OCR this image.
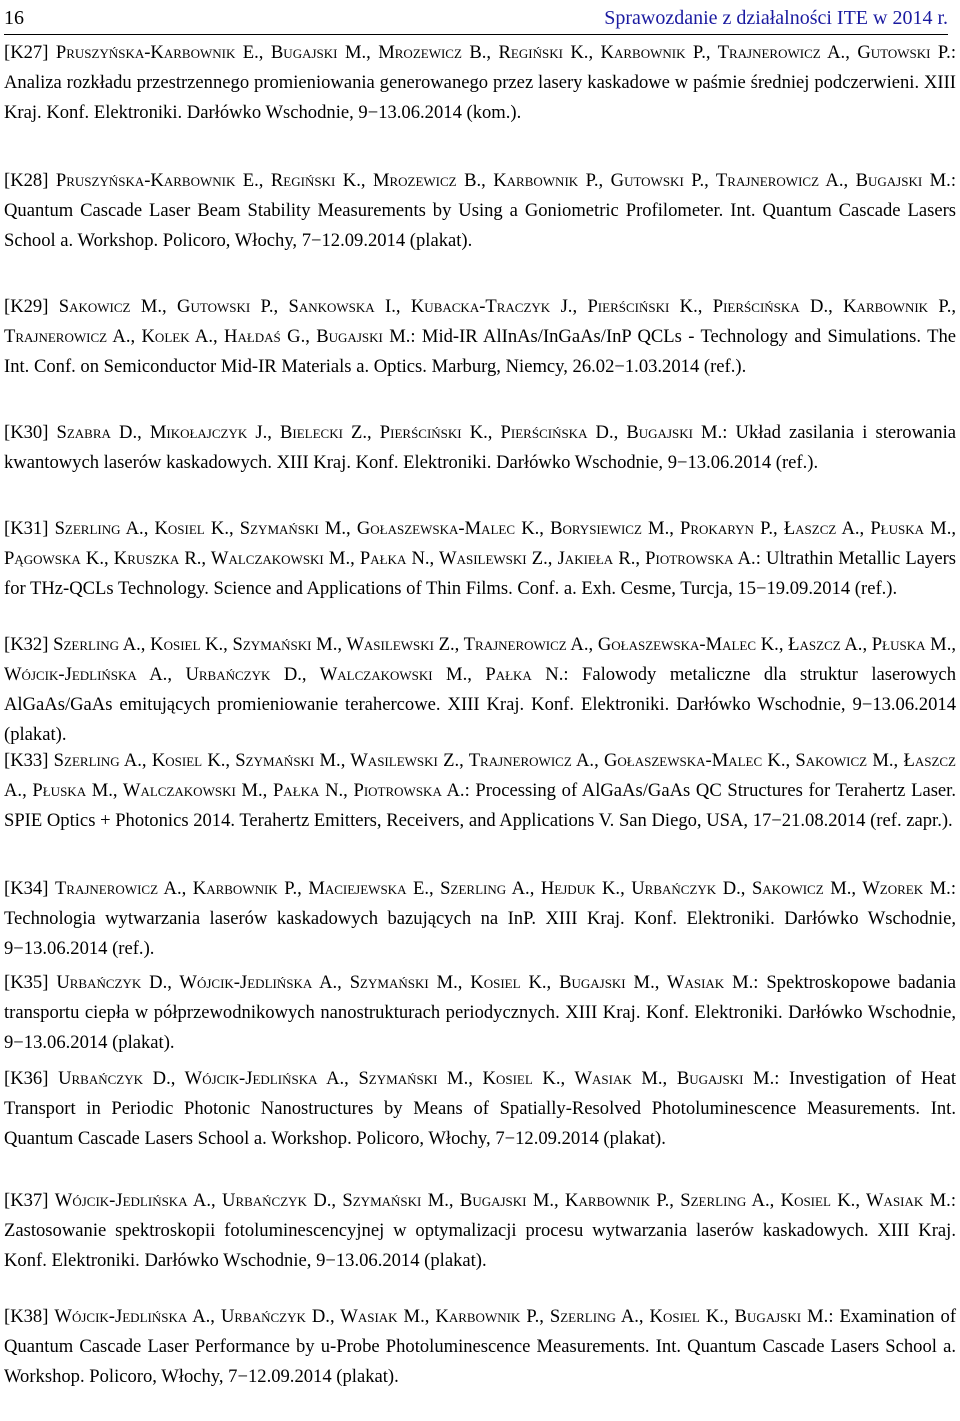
16	Sprawozdanie z działalności ITE w 2014 r.
[K27] Pruszyńska-Karbownik E., Bugajski M., Mrozewicz B., Regiński K., Karbownik P., Trajnerowicz A., Gutowski P.: Analiza rozkładu przestrzennego promieniowania generowanego przez lasery kaskadowe w paśmie średniej podczerwieni. XIII Kraj. Konf. Elektroniki. Darłówko Wschodnie, 9−13.06.2014 (kom.).
[K28] Pruszyńska-Karbownik E., Regiński K., Mrozewicz B., Karbownik P., Gutowski P., Trajnerowicz A., Bugajski M.: Quantum Cascade Laser Beam Stability Measurements by Using a Goniometric Profilometer. Int. Quantum Cascade Lasers School a. Workshop. Policoro, Włochy, 7−12.09.2014 (plakat).
[K29] Sakowicz M., Gutowski P., Sankowska I., Kubacka-Traczyk J., Pierściński K., Pierścińska D., Karbownik P., Trajnerowicz A., Kolek A., Hałdaś G., Bugajski M.: Mid-IR AlInAs/InGaAs/InP QCLs - Technology and Simulations. The Int. Conf. on Semiconductor Mid-IR Materials a. Optics. Marburg, Niemcy, 26.02−1.03.2014 (ref.).
[K30] Szabra D., Mikołajczyk J., Bielecki Z., Pierściński K., Pierścińska D., Bugajski M.: Układ zasilania i sterowania kwantowych laserów kaskadowych. XIII Kraj. Konf. Elektroniki. Darłówko Wschodnie, 9−13.06.2014 (ref.).
[K31] Szerling A., Kosiel K., Szymański M., Gołaszewska-Malec K., Borysiewicz M., Prokaryn P., Łaszcz A., Płuska M., Pągowska K., Kruszka R., Walczakowski M., Pałka N., Wasilewski Z., Jakieła R., Piotrowska A.: Ultrathin Metallic Layers for THz-QCLs Technology. Science and Applications of Thin Films. Conf. a. Exh. Cesme, Turcja, 15−19.09.2014 (ref.).
[K32] Szerling A., Kosiel K., Szymański M., Wasilewski Z., Trajnerowicz A., Gołaszewska-Malec K., Łaszcz A., Płuska M., Wójcik-Jedlińska A., Urbańczyk D., Walczakowski M., Pałka N.: Falowody metaliczne dla struktur laserowych AlGaAs/GaAs emitujących promieniowanie terahercowe. XIII Kraj. Konf. Elektroniki. Darłówko Wschodnie, 9−13.06.2014 (plakat).
[K33] Szerling A., Kosiel K., Szymański M., Wasilewski Z., Trajnerowicz A., Gołaszewska-Malec K., Sakowicz M., Łaszcz A., Płuska M., Walczakowski M., Pałka N., Piotrowska A.: Processing of AlGaAs/GaAs QC Structures for Terahertz Laser. SPIE Optics + Photonics 2014. Terahertz Emitters, Receivers, and Applications V. San Diego, USA, 17−21.08.2014 (ref. zapr.).
[K34] Trajnerowicz A., Karbownik P., Maciejewska E., Szerling A., Hejduk K., Urbańczyk D., Sakowicz M., Wzorek M.: Technologia wytwarzania laserów kaskadowych bazujących na InP. XIII Kraj. Konf. Elektroniki. Darłówko Wschodnie, 9−13.06.2014 (ref.).
[K35] Urbańczyk D., Wójcik-Jedlińska A., Szymański M., Kosiel K., Bugajski M., Wasiak M.: Spektroskopowe badania transportu ciepła w półprzewodnikowych nanostrukturach periodycznych. XIII Kraj. Konf. Elektroniki. Darłówko Wschodnie, 9−13.06.2014 (plakat).
[K36] Urbańczyk D., Wójcik-Jedlińska A., Szymański M., Kosiel K., Wasiak M., Bugajski M.: Investigation of Heat Transport in Periodic Photonic Nanostructures by Means of Spatially-Resolved Photoluminescence Measurements. Int. Quantum Cascade Lasers School a. Workshop. Policoro, Włochy, 7−12.09.2014 (plakat).
[K37] Wójcik-Jedlińska A., Urbańczyk D., Szymański M., Bugajski M., Karbownik P., Szerling A., Kosiel K., Wasiak M.: Zastosowanie spektroskopii fotoluminescencyjnej w optymalizacji procesu wytwarzania laserów kaskadowych. XIII Kraj. Konf. Elektroniki. Darłówko Wschodnie, 9−13.06.2014 (plakat).
[K38] Wójcik-Jedlińska A., Urbańczyk D., Wasiak M., Karbownik P., Szerling A., Kosiel K., Bugajski M.: Examination of Quantum Cascade Laser Performance by u-Probe Photoluminescence Measurements. Int. Quantum Cascade Lasers School a. Workshop. Policoro, Włochy, 7−12.09.2014 (plakat).
